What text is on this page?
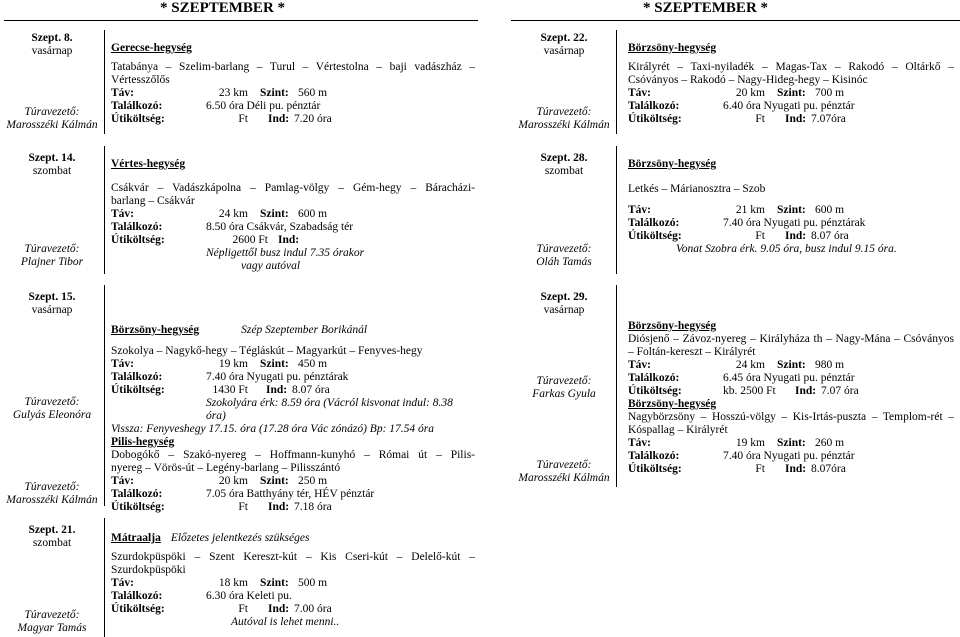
* SZEPTEMBER *	* SZEPTEMBER *
Szept. 8.
vasárnap
Túravezető:
Marosszéki Kálmán
Gerecse-hegység
Tatabánya – Szelim-barlang – Turul – Vértestolna – baji vadászház –
Vértesszőlős
Táv:	23 km Szint: 560 m
Találkozó:	6.50 óra Déli pu. pénztár
Útiköltség:	Ft Ind: 7.20 óra
Szept. 14.
szombat
Túravezető:
Plajner Tibor
Vértes-hegység
Csákvár – Vadászkápolna – Pamlag-völgy – Gém-hegy – Báracházi-
barlang – Csákvár
Táv:	24 km Szint: 600 m
Találkozó:	8.50 óra Csákvár, Szabadság tér
Útiköltség:	2600 Ft Ind:
Népligettől busz indul 7.35 órakor
vagy autóval
Szept. 15.
vasárnap
Túravezető:
Gulyás Eleonóra
Túravezető:
Marosszéki Kálmán
Börzsöny-hegység	Szép Szeptember Borikánál
Szokolya – Nagykő-hegy – Tégláskút – Magyarkút – Fenyves-hegy
Táv:	19 km Szint: 450 m
Találkozó:	7.40 óra Nyugati pu. pénztárak
Útiköltség:	1430 Ft Ind: 8.07 óra
Szokolyára érk: 8.59 óra (Vácról kisvonat indul: 8.38 óra)
Vissza: Fenyveshegy 17.15. óra (17.28 óra Vác zónázó) Bp: 17.54 óra
Pilis-hegység
Dobogókő – Szakó-nyereg – Hoffmann-kunyhó – Római út – Pilis-
nyereg – Vörös-út – Legény-barlang – Pilisszántó
Táv:	20 km Szint: 250 m
Találkozó:	7.05 óra Batthyány tér, HÉV pénztár
Útiköltség:	Ft Ind: 7.18 óra
Szept. 21.
szombat
Túravezető:
Magyar Tamás
Mátraalja Előzetes jelentkezés szükséges
Szurdokpüspöki – Szent Kereszt-kút – Kis Cseri-kút – Delelő-kút –
Szurdokpüspöki
Táv:	18 km Szint: 500 m
Találkozó:	6.30 óra Keleti pu.
Útiköltség:	Ft Ind: 7.00 óra
Autóval is lehet menni..
Szept. 22.
vasárnap
Túravezető:
Marosszéki Kálmán
Börzsöny-hegység
Királyrét – Taxi-nyiladék – Magas-Tax – Rakodó – Oltárkő –
Csóványos – Rakodó – Nagy-Hideg-hegy – Kisinóc
Táv:	20 km Szint: 700 m
Találkozó:	6.40 óra Nyugati pu. pénztár
Útiköltség:	Ft Ind: 7.07óra
Szept. 28.
szombat
Túravezető:
Oláh Tamás
Börzsöny-hegység
Letkés – Márianosztra – Szob
Táv:	21 km Szint: 600 m
Találkozó:	7.40 óra Nyugati pu. pénztárak
Útiköltség:	Ft Ind: 8.07 óra
Vonat Szobra érk. 9.05 óra, busz indul 9.15 óra.
Szept. 29.
vasárnap
Túravezető:
Farkas Gyula
Túravezető:
Marosszéki Kálmán
Börzsöny-hegység
Diósjenő – Závoz-nyereg – Királyháza th – Nagy-Mána – Csóványos
– Foltán-kereszt – Királyrét
Táv:	24 km Szint: 980 m
Találkozó:	6.45 óra Nyugati pu. pénztár
Útiköltség:	kb. 2500 Ft	Ind: 7.07 óra
Börzsöny-hegység
Nagybörzsöny – Hosszú-völgy – Kis-Irtás-puszta – Templom-rét –
Kóspallag – Királyrét
Táv:	19 km Szint: 260 m
Találkozó:	7.40 óra Nyugati pu. pénztár
Útiköltség:	Ft Ind: 8.07óra
